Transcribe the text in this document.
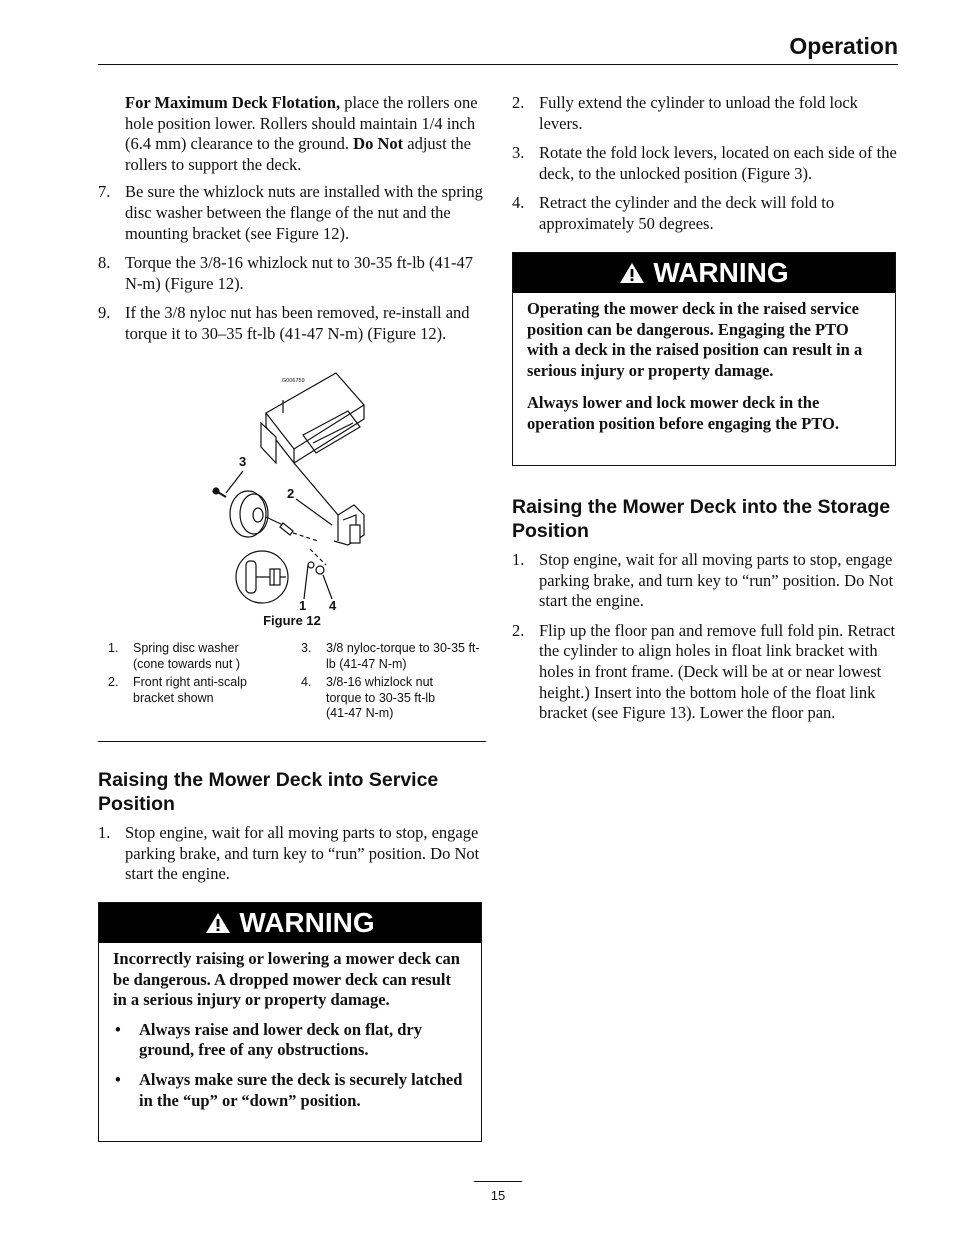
Operation

For Maximum Deck Flotation, place the rollers one hole position lower. Rollers should maintain 1/4 inch (6.4 mm) clearance to the ground. Do Not adjust the rollers to support the deck.

7. Be sure the whizlock nuts are installed with the spring disc washer between the flange of the nut and the mounting bracket (see Figure 12).
8. Torque the 3/8-16 whizlock nut to 30-35 ft-lb (41-47 N-m) (Figure 12).
9. If the 3/8 nyloc nut has been removed, re-install and torque it to 30–35 ft-lb (41-47 N-m) (Figure 12).
G006759
3
2
1 4
Figure 12
1. Spring disc washer (cone towards nut )
2. Front right anti-scalp bracket shown
3. 3/8 nyloc-torque to 30-35 ft-lb (41-47 N-m)
4. 3/8-16 whizlock nut torque to 30-35 ft-lb (41-47 N-m)
Raising the Mower Deck into Service Position
1. Stop engine, wait for all moving parts to stop, engage parking brake, and turn key to “run” position. Do Not start the engine.
WARNING

Incorrectly raising or lowering a mower deck can be dangerous. A dropped mower deck can result in a serious injury or property damage.

• Always raise and lower deck on flat, dry ground, free of any obstructions.
• Always make sure the deck is securely latched in the “up” or “down” position.
2. Fully extend the cylinder to unload the fold lock levers.
3. Rotate the fold lock levers, located on each side of the deck, to the unlocked position (Figure 3).
4. Retract the cylinder and the deck will fold to approximately 50 degrees.
WARNING

Operating the mower deck in the raised service position can be dangerous. Engaging the PTO with a deck in the raised position can result in a serious injury or property damage.

Always lower and lock mower deck in the operation position before engaging the PTO.

Raising the Mower Deck into the Storage Position
1. Stop engine, wait for all moving parts to stop, engage parking brake, and turn key to “run” position. Do Not start the engine.
2. Flip up the floor pan and remove full fold pin. Retract the cylinder to align holes in float link bracket with holes in front frame. (Deck will be at or near lowest height.) Insert into the bottom hole of the float link bracket (see Figure 13). Lower the floor pan.
15
